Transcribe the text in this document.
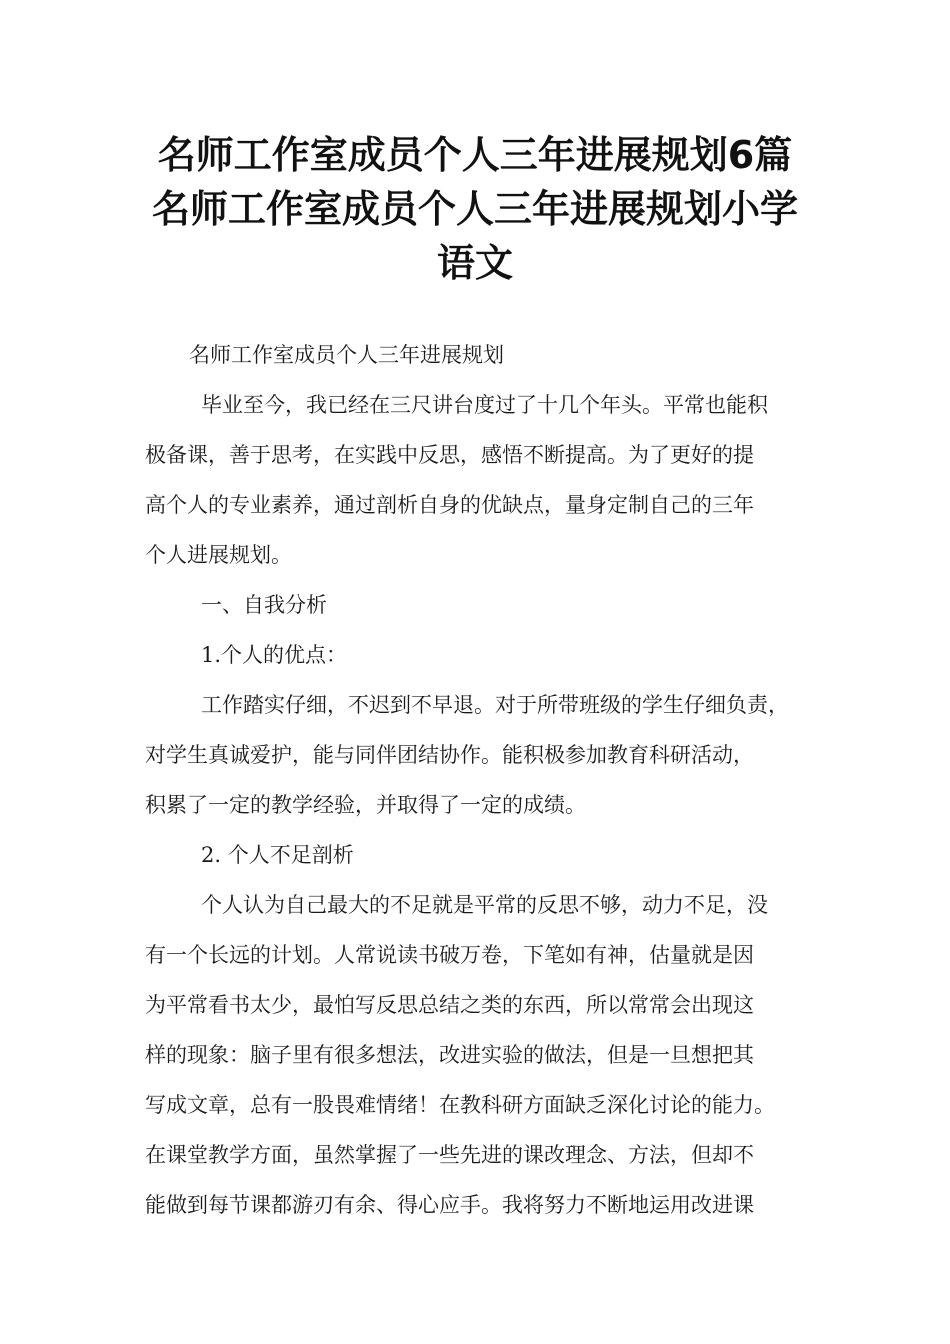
名师工作室成员个人三年进展规划6篇
名师工作室成员个人三年进展规划小学
语文

名师工作室成员个人三年进展规划

毕业至今，我已经在三尺讲台度过了十几个年头。平常也能积

极备课，善于思考，在实践中反思，感悟不断提高。为了更好的提

高个人的专业素养，通过剖析自身的优缺点，量身定制自己的三年

个人进展规划。

一、自我分析

1.个人的优点：

工作踏实仔细，不迟到不早退。对于所带班级的学生仔细负责，

对学生真诚爱护，能与同伴团结协作。能积极参加教育科研活动，

积累了一定的教学经验，并取得了一定的成绩。

2. 个人不足剖析

个人认为自己最大的不足就是平常的反思不够，动力不足，没

有一个长远的计划。人常说读书破万卷，下笔如有神，估量就是因

为平常看书太少，最怕写反思总结之类的东西，所以常常会出现这

样的现象：脑子里有很多想法，改进实验的做法，但是一旦想把其

写成文章，总有一股畏难情绪！在教科研方面缺乏深化讨论的能力。

在课堂教学方面，虽然掌握了一些先进的课改理念、方法，但却不

能做到每节课都游刃有余、得心应手。我将努力不断地运用改进课
